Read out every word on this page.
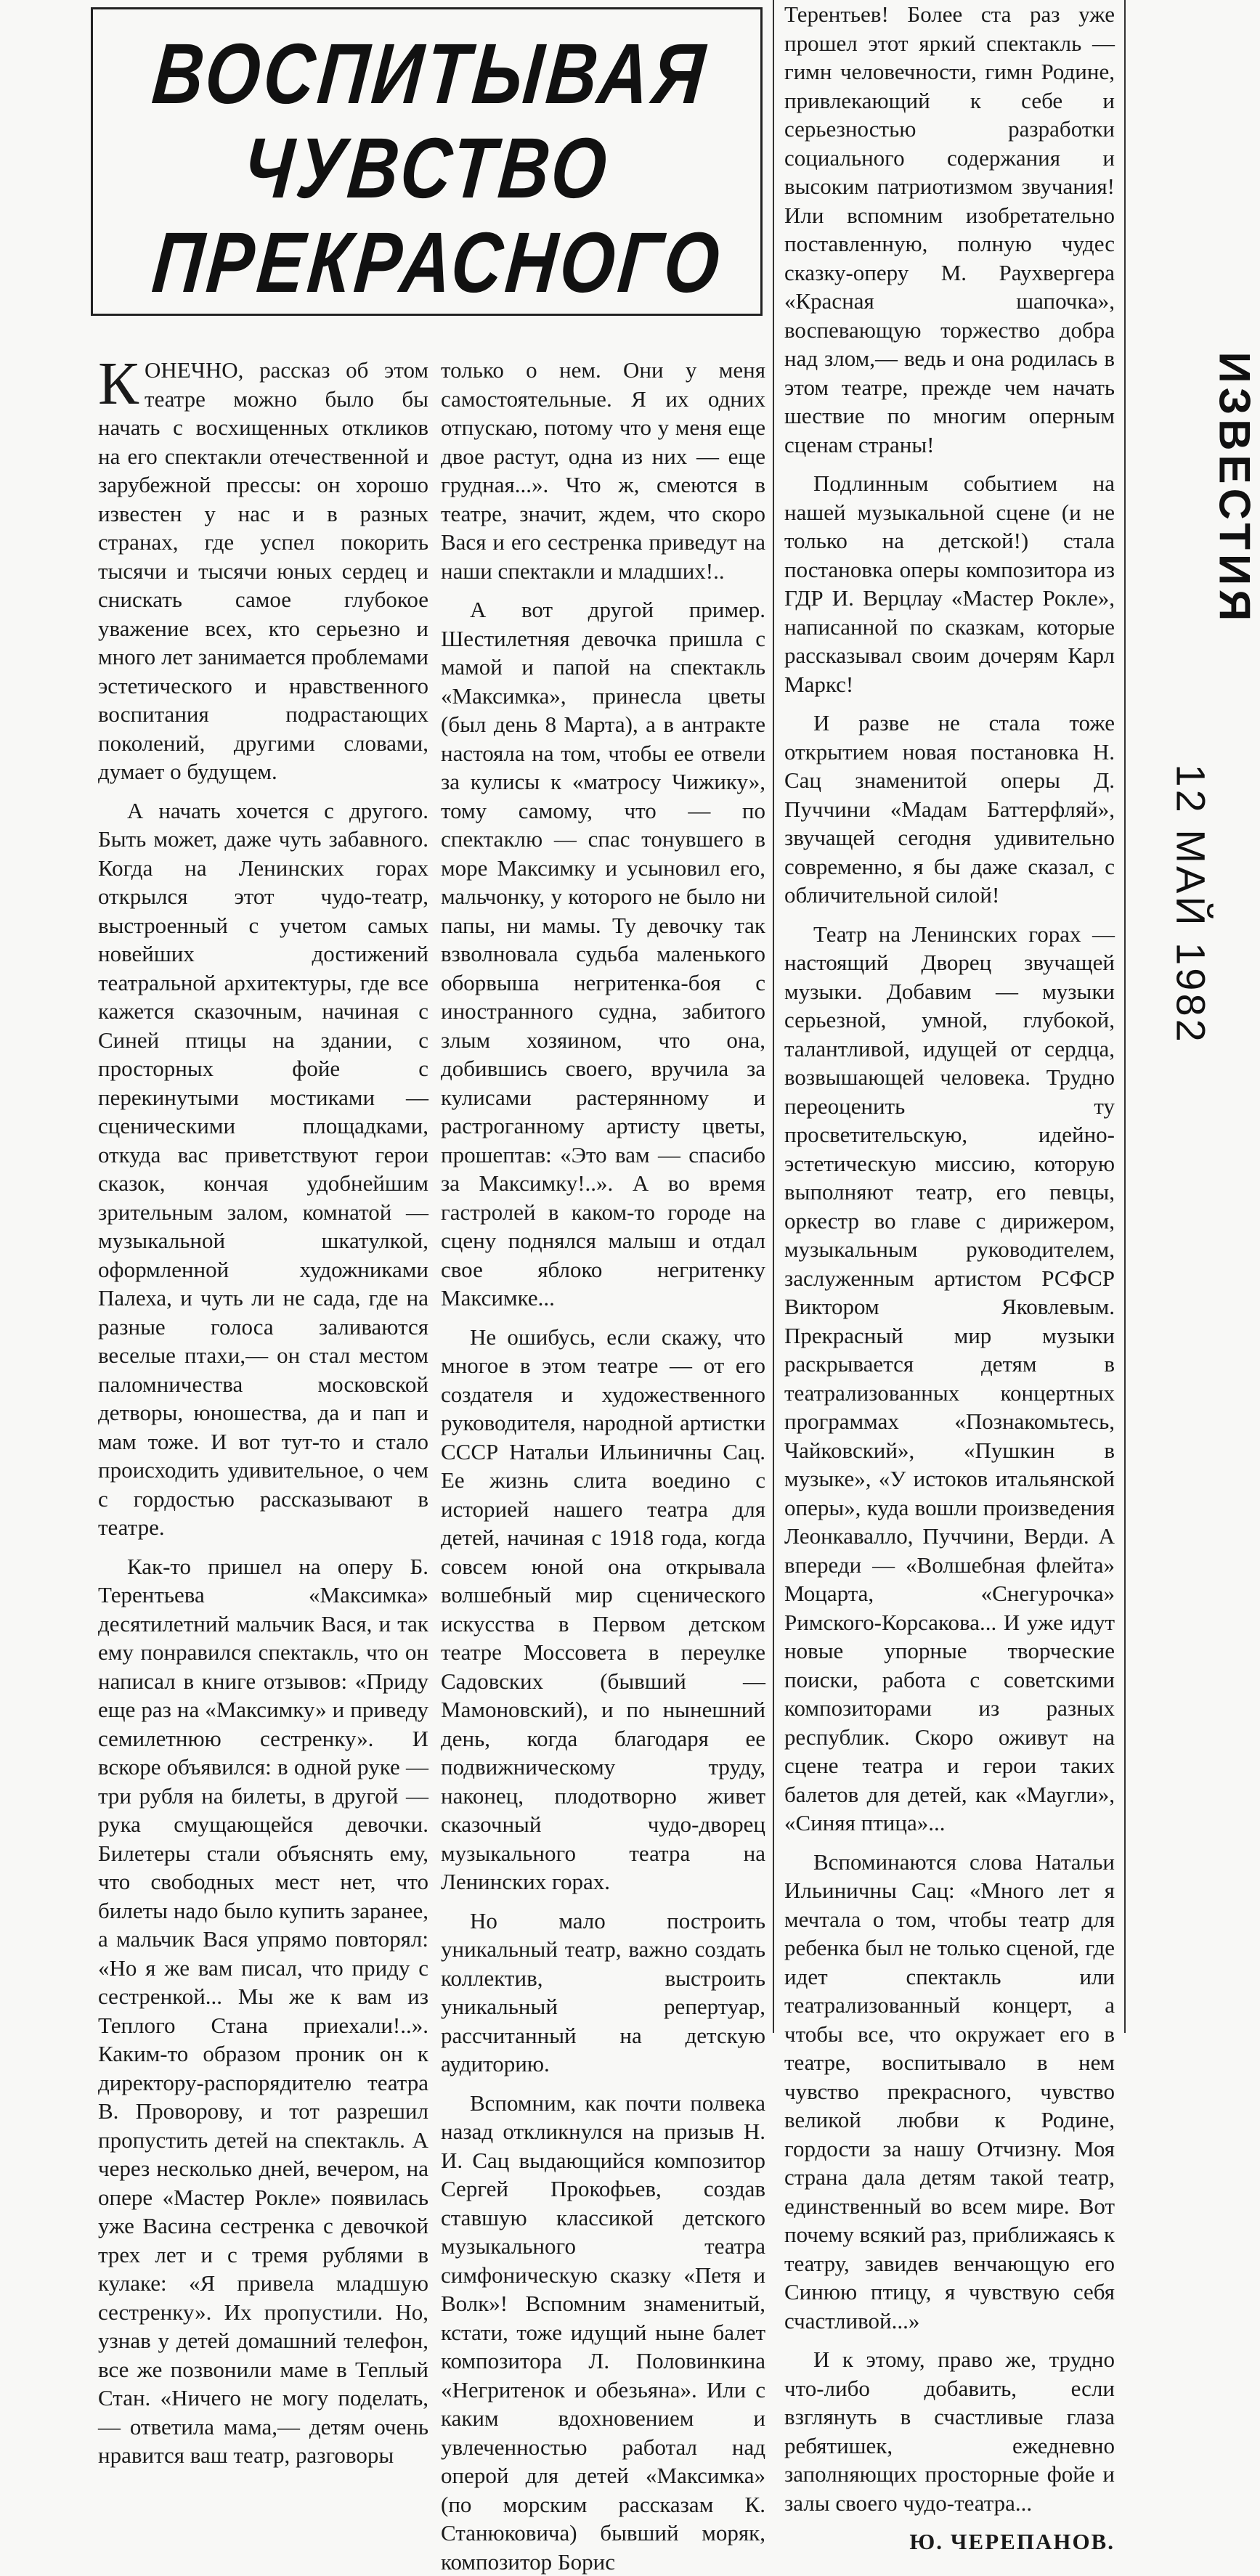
ВОСПИТЫВАЯ
ЧУВСТВО
ПРЕКРАСНОГО

КОНЕЧНО, рассказ об этом театре можно было бы начать с восхищенных откликов на его спектакли отечественной и зарубежной прессы: он хорошо известен у нас и в разных странах, где успел покорить тысячи и тысячи юных сердец и снискать самое глубокое уважение всех, кто серьезно и много лет занимается проблемами эстетического и нравственного воспитания подрастающих поколений, другими словами, думает о будущем.

А начать хочется с другого. Быть может, даже чуть забавного. Когда на Ленинских горах открылся этот чудо-театр, выстроенный с учетом самых новейших достижений театральной архитектуры, где все кажется сказочным, начиная с Синей птицы на здании, с просторных фойе с перекинутыми мостиками — сценическими площадками, откуда вас приветствуют герои сказок, кончая удобнейшим зрительным залом, комнатой — музыкальной шкатулкой, оформленной художниками Палеха, и чуть ли не сада, где на разные голоса заливаются веселые птахи,— он стал местом паломничества московской детворы, юношества, да и пап и мам тоже. И вот тут-то и стало происходить удивительное, о чем с гордостью рассказывают в театре.

Как-то пришел на оперу Б. Терентьева «Максимка» десятилетний мальчик Вася, и так ему понравился спектакль, что он написал в книге отзывов: «Приду еще раз на «Максимку» и приведу семилетнюю сестренку». И вскоре объявился: в одной руке — три рубля на билеты, в другой — рука смущающейся девочки. Билетеры стали объяснять ему, что свободных мест нет, что билеты надо было купить заранее, а мальчик Вася упрямо повторял: «Но я же вам писал, что приду с сестренкой... Мы же к вам из Теплого Стана приехали!..». Каким-то образом проник он к директору-распорядителю театра В. Проворову, и тот разрешил пропустить детей на спектакль. А через несколько дней, вечером, на опере «Мастер Рокле» появилась уже Васина сестренка с девочкой трех лет и с тремя рублями в кулаке: «Я привела младшую сестренку». Их пропустили. Но, узнав у детей домашний телефон, все же позвонили маме в Теплый Стан. «Ничего не могу поделать,— ответила мама,— детям очень нравится ваш театр, разговоры

только о нем. Они у меня самостоятельные. Я их одних отпускаю, потому что у меня еще двое растут, одна из них — еще грудная...». Что ж, смеются в театре, значит, ждем, что скоро Вася и его сестренка приведут на наши спектакли и младших!..

А вот другой пример. Шестилетняя девочка пришла с мамой и папой на спектакль «Максимка», принесла цветы (был день 8 Марта), а в антракте настояла на том, чтобы ее отвели за кулисы к «матросу Чижику», тому самому, что — по спектаклю — спас тонувшего в море Максимку и усыновил его, мальчонку, у которого не было ни папы, ни мамы. Ту девочку так взволновала судьба маленького оборвыша негритенка-боя с иностранного судна, забитого злым хозяином, что она, добившись своего, вручила за кулисами растерянному и растроганному артисту цветы, прошептав: «Это вам — спасибо за Максимку!..». А во время гастролей в каком-то городе на сцену поднялся малыш и отдал свое яблоко негритенку Максимке...

Не ошибусь, если скажу, что многое в этом театре — от его создателя и художественного руководителя, народной артистки СССР Натальи Ильиничны Сац. Ее жизнь слита воедино с историей нашего театра для детей, начиная с 1918 года, когда совсем юной она открывала волшебный мир сценического искусства в Первом детском театре Моссовета в переулке Садовских (бывший — Мамоновский), и по нынешний день, когда благодаря ее подвижническому труду, наконец, плодотворно живет сказочный чудо-дворец музыкального театра на Ленинских горах.

Но мало построить уникальный театр, важно создать коллектив, выстроить уникальный репертуар, рассчитанный на детскую аудиторию.

Вспомним, как почти полвека назад откликнулся на призыв Н. И. Сац выдающийся композитор Сергей Прокофьев, создав ставшую классикой детского музыкального театра симфоническую сказку «Петя и Волк»! Вспомним знаменитый, кстати, тоже идущий ныне балет композитора Л. Половинкина «Негритенок и обезьяна». Или с каким вдохновением и увлеченностью работал над оперой для детей «Максимка» (по морским рассказам К. Станюковича) бывший моряк, композитор Борис

Терентьев! Более ста раз уже прошел этот яркий спектакль — гимн человечности, гимн Родине, привлекающий к себе и серьезностью разработки социального содержания и высоким патриотизмом звучания! Или вспомним изобретательно поставленную, полную чудес сказку-оперу М. Раухвергера «Красная шапочка», воспевающую торжество добра над злом,— ведь и она родилась в этом театре, прежде чем начать шествие по многим оперным сценам страны!

Подлинным событием на нашей музыкальной сцене (и не только на детской!) стала постановка оперы композитора из ГДР И. Верцлау «Мастер Рокле», написанной по сказкам, которые рассказывал своим дочерям Карл Маркс!

И разве не стала тоже открытием новая постановка Н. Сац знаменитой оперы Д. Пуччини «Мадам Баттерфляй», звучащей сегодня удивительно современно, я бы даже сказал, с обличительной силой!

Театр на Ленинских горах — настоящий Дворец звучащей музыки. Добавим — музыки серьезной, умной, глубокой, талантливой, идущей от сердца, возвышающей человека. Трудно переоценить ту просветительскую, идейно-эстетическую миссию, которую выполняют театр, его певцы, оркестр во главе с дирижером, музыкальным руководителем, заслуженным артистом РСФСР Виктором Яковлевым. Прекрасный мир музыки раскрывается детям в театрализованных концертных программах «Познакомьтесь, Чайковский», «Пушкин в музыке», «У истоков итальянской оперы», куда вошли произведения Леонкавалло, Пуччини, Верди. А впереди — «Волшебная флейта» Моцарта, «Снегурочка» Римского-Корсакова... И уже идут новые упорные творческие поиски, работа с советскими композиторами из разных республик. Скоро оживут на сцене театра и герои таких балетов для детей, как «Маугли», «Синяя птица»...

Вспоминаются слова Натальи Ильиничны Сац: «Много лет я мечтала о том, чтобы театр для ребенка был не только сценой, где идет спектакль или театрализованный концерт, а чтобы все, что окружает его в театре, воспитывало в нем чувство прекрасного, чувство великой любви к Родине, гордости за нашу Отчизну. Моя страна дала детям такой театр, единственный во всем мире. Вот почему всякий раз, приближаясь к театру, завидев венчающую его Синюю птицу, я чувствую себя счастливой...»

И к этому, право же, трудно что-либо добавить, если взглянуть в счастливые глаза ребятишек, ежедневно заполняющих просторные фойе и залы своего чудо-театра...

Ю. ЧЕРЕПАНОВ.

ИЗВЕСТИЯ
12 МАЙ 1982
